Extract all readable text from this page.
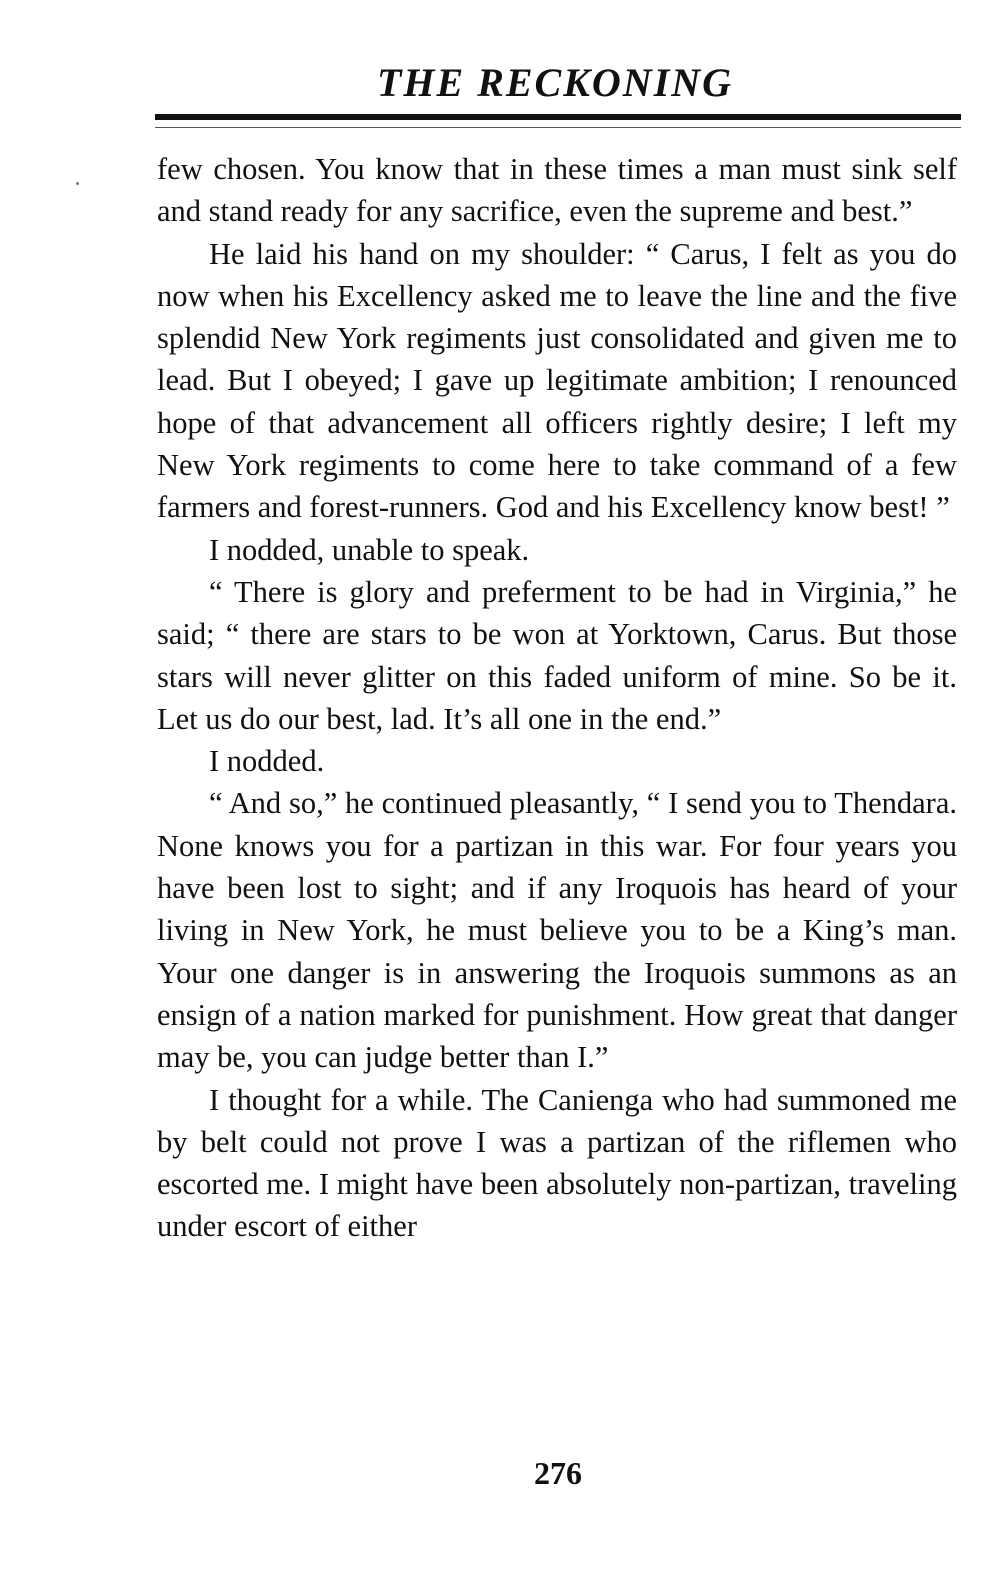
THE RECKONING

few chosen. You know that in these times a man must sink self and stand ready for any sacrifice, even the supreme and best.”

He laid his hand on my shoulder: “ Carus, I felt as you do now when his Excellency asked me to leave the line and the five splendid New York regiments just consolidated and given me to lead. But I obeyed; I gave up legitimate ambition; I renounced hope of that advancement all officers rightly desire; I left my New York regiments to come here to take command of a few farmers and forest-runners. God and his Excellency know best! ”

I nodded, unable to speak.

“ There is glory and preferment to be had in Virginia,” he said; “ there are stars to be won at Yorktown, Carus. But those stars will never glitter on this faded uniform of mine. So be it. Let us do our best, lad. It’s all one in the end.”

I nodded.

“ And so,” he continued pleasantly, “ I send you to Thendara. None knows you for a partizan in this war. For four years you have been lost to sight; and if any Iroquois has heard of your living in New York, he must believe you to be a King’s man. Your one danger is in answering the Iroquois summons as an ensign of a nation marked for punishment. How great that danger may be, you can judge better than I.”

I thought for a while. The Canienga who had summoned me by belt could not prove I was a partizan of the riflemen who escorted me. I might have been absolutely non-partizan, traveling under escort of either

276
